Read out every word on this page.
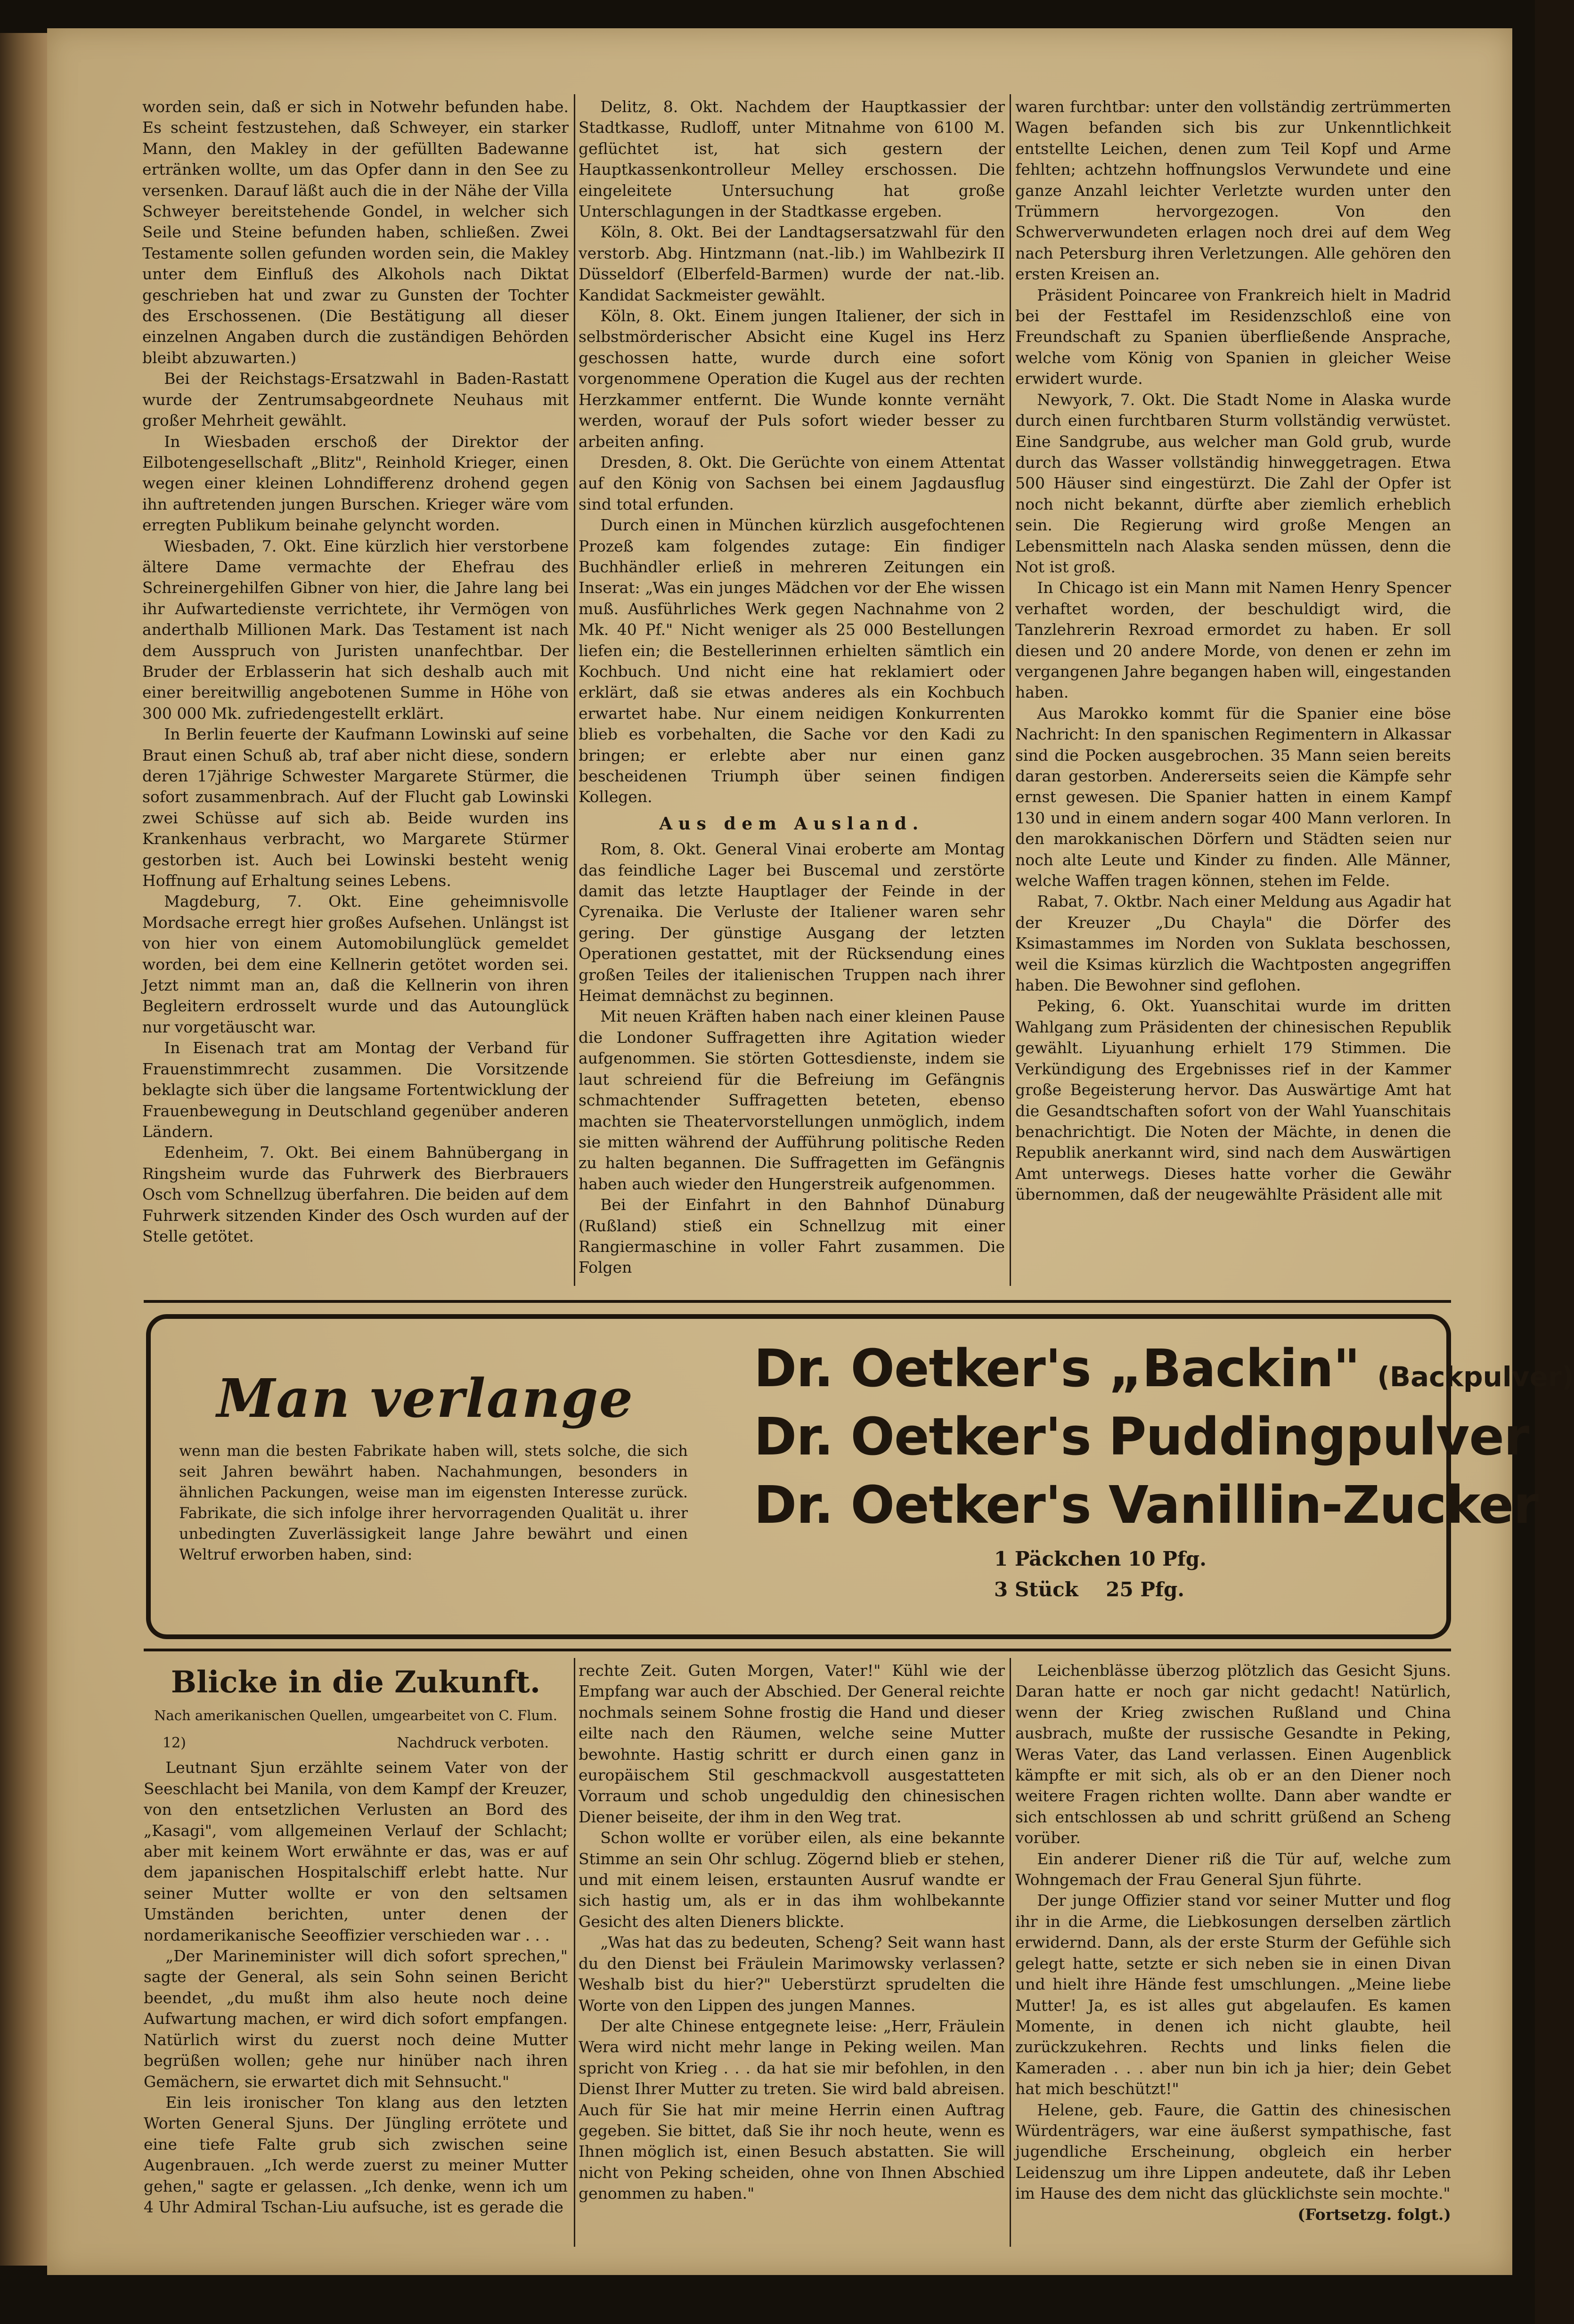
worden sein, daß er sich in Notwehr befunden habe. Es scheint festzustehen, daß Schweyer, ein starker Mann, den Makley in der gefüllten Badewanne ertränken wollte, um das Opfer dann in den See zu versenken. Darauf läßt auch die in der Nähe der Villa Schweyer bereitstehende Gondel, in welcher sich Seile und Steine befunden haben, schließen. Zwei Testamente sollen gefunden worden sein, die Makley unter dem Einfluß des Alkohols nach Diktat geschrieben hat und zwar zu Gunsten der Tochter des Erschossenen. (Die Bestätigung all dieser einzelnen Angaben durch die zuständigen Behörden bleibt abzuwarten.)

Bei der Reichstags-Ersatzwahl in Baden-Rastatt wurde der Zentrumsabgeordnete Neuhaus mit großer Mehrheit gewählt.

In Wiesbaden erschoß der Direktor der Eilbotengesellschaft „Blitz", Reinhold Krieger, einen wegen einer kleinen Lohndifferenz drohend gegen ihn auftretenden jungen Burschen. Krieger wäre vom erregten Publikum beinahe gelyncht worden.

Wiesbaden, 7. Okt. Eine kürzlich hier verstorbene ältere Dame vermachte der Ehefrau des Schreinergehilfen Gibner von hier, die Jahre lang bei ihr Aufwartedienste verrichtete, ihr Vermögen von anderthalb Millionen Mark. Das Testament ist nach dem Ausspruch von Juristen unanfechtbar. Der Bruder der Erblasserin hat sich deshalb auch mit einer bereitwillig angebotenen Summe in Höhe von 300 000 Mk. zufriedengestellt erklärt.

In Berlin feuerte der Kaufmann Lowinski auf seine Braut einen Schuß ab, traf aber nicht diese, sondern deren 17jährige Schwester Margarete Stürmer, die sofort zusammenbrach. Auf der Flucht gab Lowinski zwei Schüsse auf sich ab. Beide wurden ins Krankenhaus verbracht, wo Margarete Stürmer gestorben ist. Auch bei Lowinski besteht wenig Hoffnung auf Erhaltung seines Lebens.

Magdeburg, 7. Okt. Eine geheimnisvolle Mordsache erregt hier großes Aufsehen. Unlängst ist von hier von einem Automobilunglück gemeldet worden, bei dem eine Kellnerin getötet worden sei. Jetzt nimmt man an, daß die Kellnerin von ihren Begleitern erdrosselt wurde und das Autounglück nur vorgetäuscht war.

In Eisenach trat am Montag der Verband für Frauenstimmrecht zusammen. Die Vorsitzende beklagte sich über die langsame Fortentwicklung der Frauenbewegung in Deutschland gegenüber anderen Ländern.

Edenheim, 7. Okt. Bei einem Bahnübergang in Ringsheim wurde das Fuhrwerk des Bierbrauers Osch vom Schnellzug überfahren. Die beiden auf dem Fuhrwerk sitzenden Kinder des Osch wurden auf der Stelle getötet.

Delitz, 8. Okt. Nachdem der Hauptkassier der Stadtkasse, Rudloff, unter Mitnahme von 6100 M. geflüchtet ist, hat sich gestern der Hauptkassenkontrolleur Melley erschossen. Die eingeleitete Untersuchung hat große Unterschlagungen in der Stadtkasse ergeben.

Köln, 8. Okt. Bei der Landtagsersatzwahl für den verstorb. Abg. Hintzmann (nat.-lib.) im Wahlbezirk II Düsseldorf (Elberfeld-Barmen) wurde der nat.-lib. Kandidat Sackmeister gewählt.

Köln, 8. Okt. Einem jungen Italiener, der sich in selbstmörderischer Absicht eine Kugel ins Herz geschossen hatte, wurde durch eine sofort vorgenommene Operation die Kugel aus der rechten Herzkammer entfernt. Die Wunde konnte vernäht werden, worauf der Puls sofort wieder besser zu arbeiten anfing.

Dresden, 8. Okt. Die Gerüchte von einem Attentat auf den König von Sachsen bei einem Jagdausflug sind total erfunden.

Durch einen in München kürzlich ausgefochtenen Prozeß kam folgendes zutage: Ein findiger Buchhändler erließ in mehreren Zeitungen ein Inserat: „Was ein junges Mädchen vor der Ehe wissen muß. Ausführliches Werk gegen Nachnahme von 2 Mk. 40 Pf." Nicht weniger als 25 000 Bestellungen liefen ein; die Bestellerinnen erhielten sämtlich ein Kochbuch. Und nicht eine hat reklamiert oder erklärt, daß sie etwas anderes als ein Kochbuch erwartet habe. Nur einem neidigen Konkurrenten blieb es vorbehalten, die Sache vor den Kadi zu bringen; er erlebte aber nur einen ganz bescheidenen Triumph über seinen findigen Kollegen.

Aus dem Ausland.

Rom, 8. Okt. General Vinai eroberte am Montag das feindliche Lager bei Buscemal und zerstörte damit das letzte Hauptlager der Feinde in der Cyrenaika. Die Verluste der Italiener waren sehr gering. Der günstige Ausgang der letzten Operationen gestattet, mit der Rücksendung eines großen Teiles der italienischen Truppen nach ihrer Heimat demnächst zu beginnen.

Mit neuen Kräften haben nach einer kleinen Pause die Londoner Suffragetten ihre Agitation wieder aufgenommen. Sie störten Gottesdienste, indem sie laut schreiend für die Befreiung im Gefängnis schmachtender Suffragetten beteten, ebenso machten sie Theatervorstellungen unmöglich, indem sie mitten während der Aufführung politische Reden zu halten begannen. Die Suffragetten im Gefängnis haben auch wieder den Hungerstreik aufgenommen.

Bei der Einfahrt in den Bahnhof Dünaburg (Rußland) stieß ein Schnellzug mit einer Rangiermaschine in voller Fahrt zusammen. Die Folgen

waren furchtbar: unter den vollständig zertrümmerten Wagen befanden sich bis zur Unkenntlichkeit entstellte Leichen, denen zum Teil Kopf und Arme fehlten; achtzehn hoffnungslos Verwundete und eine ganze Anzahl leichter Verletzte wurden unter den Trümmern hervorgezogen. Von den Schwerverwundeten erlagen noch drei auf dem Weg nach Petersburg ihren Verletzungen. Alle gehören den ersten Kreisen an.

Präsident Poincaree von Frankreich hielt in Madrid bei der Festtafel im Residenzschloß eine von Freundschaft zu Spanien überfließende Ansprache, welche vom König von Spanien in gleicher Weise erwidert wurde.

Newyork, 7. Okt. Die Stadt Nome in Alaska wurde durch einen furchtbaren Sturm vollständig verwüstet. Eine Sandgrube, aus welcher man Gold grub, wurde durch das Wasser vollständig hinweggetragen. Etwa 500 Häuser sind eingestürzt. Die Zahl der Opfer ist noch nicht bekannt, dürfte aber ziemlich erheblich sein. Die Regierung wird große Mengen an Lebensmitteln nach Alaska senden müssen, denn die Not ist groß.

In Chicago ist ein Mann mit Namen Henry Spencer verhaftet worden, der beschuldigt wird, die Tanzlehrerin Rexroad ermordet zu haben. Er soll diesen und 20 andere Morde, von denen er zehn im vergangenen Jahre begangen haben will, eingestanden haben.

Aus Marokko kommt für die Spanier eine böse Nachricht: In den spanischen Regimentern in Alkassar sind die Pocken ausgebrochen. 35 Mann seien bereits daran gestorben. Andererseits seien die Kämpfe sehr ernst gewesen. Die Spanier hatten in einem Kampf 130 und in einem andern sogar 400 Mann verloren. In den marokkanischen Dörfern und Städten seien nur noch alte Leute und Kinder zu finden. Alle Männer, welche Waffen tragen können, stehen im Felde.

Rabat, 7. Oktbr. Nach einer Meldung aus Agadir hat der Kreuzer „Du Chayla" die Dörfer des Ksimastammes im Norden von Suklata beschossen, weil die Ksimas kürzlich die Wachtposten angegriffen haben. Die Bewohner sind geflohen.

Peking, 6. Okt. Yuanschitai wurde im dritten Wahlgang zum Präsidenten der chinesischen Republik gewählt. Liyuanhung erhielt 179 Stimmen. Die Verkündigung des Ergebnisses rief in der Kammer große Begeisterung hervor. Das Auswärtige Amt hat die Gesandtschaften sofort von der Wahl Yuanschitais benachrichtigt. Die Noten der Mächte, in denen die Republik anerkannt wird, sind nach dem Auswärtigen Amt unterwegs. Dieses hatte vorher die Gewähr übernommen, daß der neugewählte Präsident alle mit

Man verlange
wenn man die besten Fabrikate haben will, stets solche, die sich seit Jahren bewährt haben. Nachahmungen, besonders in ähnlichen Packungen, weise man im eigensten Interesse zurück. Fabrikate, die sich infolge ihrer hervorragenden Qualität u. ihrer unbedingten Zuverlässigkeit lange Jahre bewährt und einen Weltruf erworben haben, sind:
Dr. Oetker's „Backin" (Backpulver)
Dr. Oetker's Puddingpulver
Dr. Oetker's Vanillin-Zucker
1 Päckchen 10 Pfg.
3 Stück    25 Pfg.
Blicke in die Zukunft.
Nach amerikanischen Quellen, umgearbeitet von C. Flum.
12)	Nachdruck verboten.

Leutnant Sjun erzählte seinem Vater von der Seeschlacht bei Manila, von dem Kampf der Kreuzer, von den entsetzlichen Verlusten an Bord des „Kasagi", vom allgemeinen Verlauf der Schlacht; aber mit keinem Wort erwähnte er das, was er auf dem japanischen Hospitalschiff erlebt hatte. Nur seiner Mutter wollte er von den seltsamen Umständen berichten, unter denen der nordamerikanische Seeoffizier verschieden war . . .

„Der Marineminister will dich sofort sprechen," sagte der General, als sein Sohn seinen Bericht beendet, „du mußt ihm also heute noch deine Aufwartung machen, er wird dich sofort empfangen. Natürlich wirst du zuerst noch deine Mutter begrüßen wollen; gehe nur hinüber nach ihren Gemächern, sie erwartet dich mit Sehnsucht."

Ein leis ironischer Ton klang aus den letzten Worten General Sjuns. Der Jüngling errötete und eine tiefe Falte grub sich zwischen seine Augenbrauen. „Ich werde zuerst zu meiner Mutter gehen," sagte er gelassen. „Ich denke, wenn ich um 4 Uhr Admiral Tschan-Liu aufsuche, ist es gerade die

rechte Zeit. Guten Morgen, Vater!" Kühl wie der Empfang war auch der Abschied. Der General reichte nochmals seinem Sohne frostig die Hand und dieser eilte nach den Räumen, welche seine Mutter bewohnte. Hastig schritt er durch einen ganz in europäischem Stil geschmackvoll ausgestatteten Vorraum und schob ungeduldig den chinesischen Diener beiseite, der ihm in den Weg trat.

Schon wollte er vorüber eilen, als eine bekannte Stimme an sein Ohr schlug. Zögernd blieb er stehen, und mit einem leisen, erstaunten Ausruf wandte er sich hastig um, als er in das ihm wohlbekannte Gesicht des alten Dieners blickte.

„Was hat das zu bedeuten, Scheng? Seit wann hast du den Dienst bei Fräulein Marimowsky verlassen? Weshalb bist du hier?" Ueberstürzt sprudelten die Worte von den Lippen des jungen Mannes.

Der alte Chinese entgegnete leise: „Herr, Fräulein Wera wird nicht mehr lange in Peking weilen. Man spricht von Krieg . . . da hat sie mir befohlen, in den Dienst Ihrer Mutter zu treten. Sie wird bald abreisen. Auch für Sie hat mir meine Herrin einen Auftrag gegeben. Sie bittet, daß Sie ihr noch heute, wenn es Ihnen möglich ist, einen Besuch abstatten. Sie will nicht von Peking scheiden, ohne von Ihnen Abschied genommen zu haben."

Leichenblässe überzog plötzlich das Gesicht Sjuns. Daran hatte er noch gar nicht gedacht! Natürlich, wenn der Krieg zwischen Rußland und China ausbrach, mußte der russische Gesandte in Peking, Weras Vater, das Land verlassen. Einen Augenblick kämpfte er mit sich, als ob er an den Diener noch weitere Fragen richten wollte. Dann aber wandte er sich entschlossen ab und schritt grüßend an Scheng vorüber.

Ein anderer Diener riß die Tür auf, welche zum Wohngemach der Frau General Sjun führte.

Der junge Offizier stand vor seiner Mutter und flog ihr in die Arme, die Liebkosungen derselben zärtlich erwidernd. Dann, als der erste Sturm der Gefühle sich gelegt hatte, setzte er sich neben sie in einen Divan und hielt ihre Hände fest umschlungen. „Meine liebe Mutter! Ja, es ist alles gut abgelaufen. Es kamen Momente, in denen ich nicht glaubte, heil zurückzukehren. Rechts und links fielen die Kameraden . . . aber nun bin ich ja hier; dein Gebet hat mich beschützt!"

Helene, geb. Faure, die Gattin des chinesischen Würdenträgers, war eine äußerst sympathische, fast jugendliche Erscheinung, obgleich ein herber Leidenszug um ihre Lippen andeutete, daß ihr Leben im Hause des dem nicht das glücklichste sein mochte."

(Fortsetzg. folgt.)
